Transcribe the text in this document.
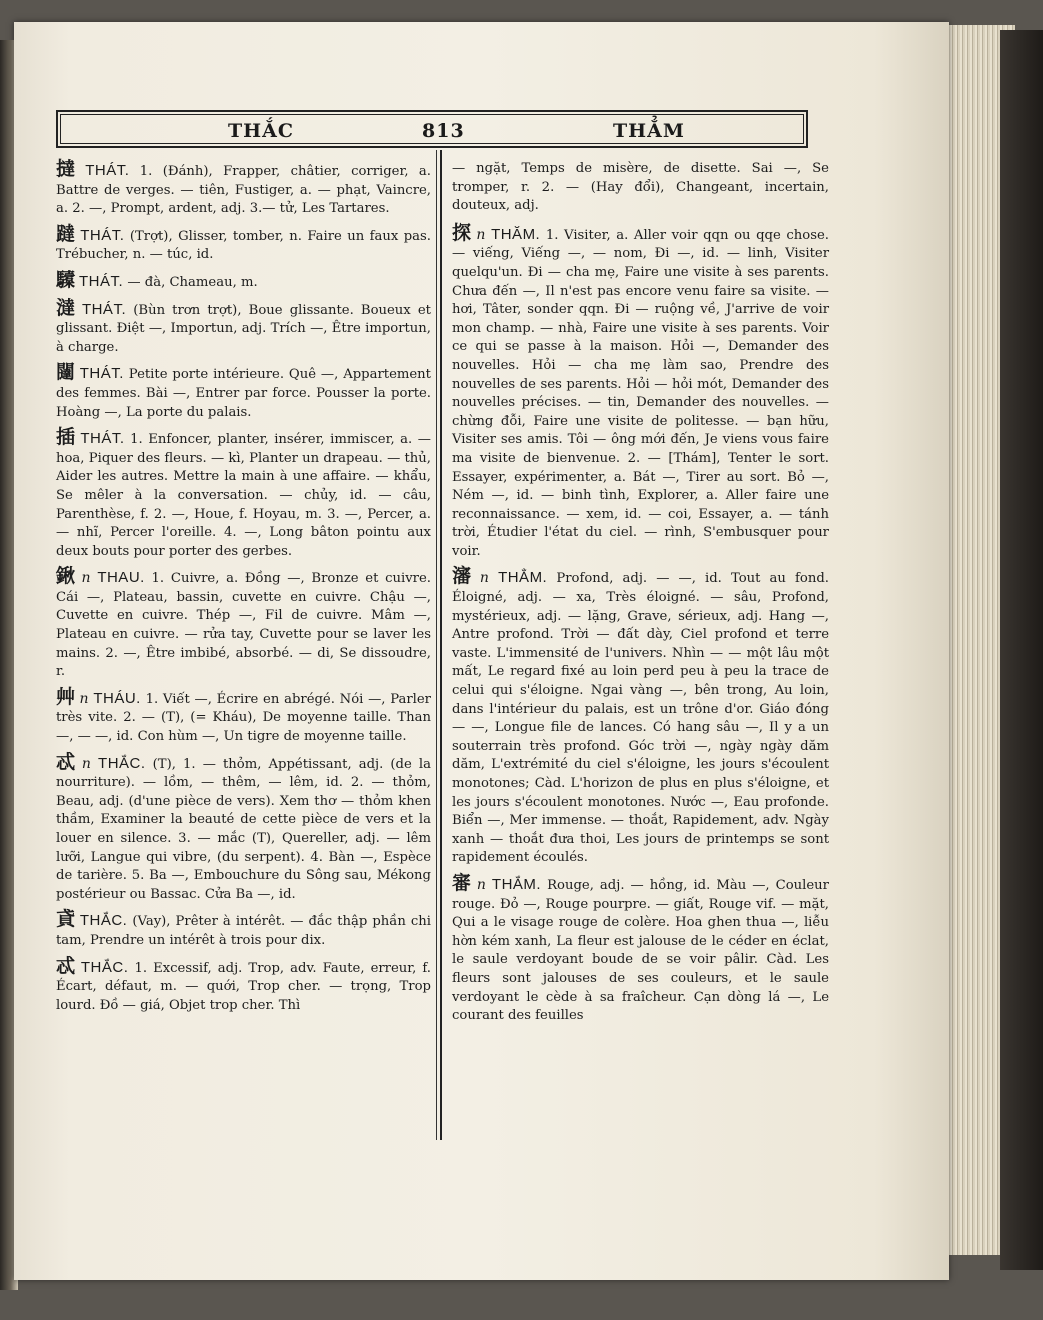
THẮC	813	THẲM
撻 THÁT. 1. (Đánh), Frapper, châtier, corriger, a. Battre de verges. — tiên, Fustiger, a. — phạt, Vaincre, a. 2. —, Prompt, ardent, adj. 3.— tử, Les Tartares.
躂 THÁT. (Trợt), Glisser, tomber, n. Faire un faux pas. Trébucher, n. — túc, id.
驝 THÁT. — đà, Chameau, m.
澾 THÁT. (Bùn trơn trợt), Boue glissante. Boueux et glissant. Điệt —, Importun, adj. Trích —, Être importun, à charge.
闥 THÁT. Petite porte intérieure. Quê —, Appartement des femmes. Bài —, Entrer par force. Pousser la porte. Hoàng —, La porte du palais.
插 THÁT. 1. Enfoncer, planter, insérer, immiscer, a. — hoa, Piquer des fleurs. — kì, Planter un drapeau. — thủ, Aider les autres. Mettre la main à une affaire. — khẩu, Se mêler à la conversation. — chủy, id. — câu, Parenthèse, f. 2. —, Houe, f. Hoyau, m. 3. —, Percer, a. — nhĩ, Percer l'oreille. 4. —, Long bâton pointu aux deux bouts pour porter des gerbes.
鍬 n THAU. 1. Cuivre, a. Đồng —, Bronze et cuivre. Cái —, Plateau, bassin, cuvette en cuivre. Chậu —, Cuvette en cuivre. Thép —, Fil de cuivre. Mâm —, Plateau en cuivre. — rửa tay, Cuvette pour se laver les mains. 2. —, Être imbibé, absorbé. — di, Se dissoudre, r.
艸 n THÁU. 1. Viết —, Écrire en abrégé. Nói —, Parler très vite. 2. — (T), (= Kháu), De moyenne taille. Than —, — —, id. Con hùm —, Un tigre de moyenne taille.
忒 n THẮC. (T), 1. — thỏm, Appétissant, adj. (de la nourriture). — lồm, — thêm, — lêm, id. 2. — thỏm, Beau, adj. (d'une pièce de vers). Xem thơ — thỏm khen thầm, Examiner la beauté de cette pièce de vers et la louer en silence. 3. — mắc (T), Quereller, adj. — lêm lưỡi, Langue qui vibre, (du serpent). 4. Bàn —, Espèce de tarière. 5. Ba —, Embouchure du Sông sau, Mékong postérieur ou Bassac. Cửa Ba —, id.
貣 THẮC. (Vay), Prêter à intérêt. — đắc thập phần chi tam, Prendre un intérêt à trois pour dix.
忒 THẮC. 1. Excessif, adj. Trop, adv. Faute, erreur, f. Écart, défaut, m. — quới, Trop cher. — trọng, Trop lourd. Đồ — giá, Objet trop cher. Thì
— ngặt, Temps de misère, de disette. Sai —, Se tromper, r. 2. — (Hay đổi), Changeant, incertain, douteux, adj.
探 n THĂM. 1. Visiter, a. Aller voir qqn ou qqe chose. — viếng, Viếng —, — nom, Đi —, id. — linh, Visiter quelqu'un. Đi — cha mẹ, Faire une visite à ses parents. Chưa đến —, Il n'est pas encore venu faire sa visite. — hơi, Tâter, sonder qqn. Đi — ruộng về, J'arrive de voir mon champ. — nhà, Faire une visite à ses parents. Voir ce qui se passe à la maison. Hỏi —, Demander des nouvelles. Hỏi — cha mẹ làm sao, Prendre des nouvelles de ses parents. Hỏi — hỏi mót, Demander des nouvelles précises. — tin, Demander des nouvelles. — chừng đỗi, Faire une visite de politesse. — bạn hữu, Visiter ses amis. Tôi — ông mới đến, Je viens vous faire ma visite de bienvenue. 2. — [Thám], Tenter le sort. Essayer, expérimenter, a. Bát —, Tirer au sort. Bỏ —, Ném —, id. — binh tình, Explorer, a. Aller faire une reconnaissance. — xem, id. — coi, Essayer, a. — tánh trời, Étudier l'état du ciel. — rình, S'embusquer pour voir.
瀋 n THẲM. Profond, adj. — —, id. Tout au fond. Éloigné, adj. — xa, Très éloigné. — sâu, Profond, mystérieux, adj. — lặng, Grave, sérieux, adj. Hang —, Antre profond. Trời — đất dày, Ciel profond et terre vaste. L'immensité de l'univers. Nhìn — — một lâu một mất, Le regard fixé au loin perd peu à peu la trace de celui qui s'éloigne. Ngai vàng —, bên trong, Au loin, dans l'intérieur du palais, est un trône d'or. Giáo đóng — —, Longue file de lances. Có hang sâu —, Il y a un souterrain très profond. Góc trời —, ngày ngày dăm dăm, L'extrémité du ciel s'éloigne, les jours s'écoulent monotones; Càd. L'horizon de plus en plus s'éloigne, et les jours s'écoulent monotones. Nước —, Eau profonde. Biển —, Mer immense. — thoắt, Rapidement, adv. Ngày xanh — thoắt đưa thoi, Les jours de printemps se sont rapidement écoulés.
審 n THẮM. Rouge, adj. — hồng, id. Màu —, Couleur rouge. Đỏ —, Rouge pourpre. — giất, Rouge vif. — mặt, Qui a le visage rouge de colère. Hoa ghen thua —, liễu hờn kém xanh, La fleur est jalouse de le céder en éclat, le saule verdoyant boude de se voir pâlir. Càd. Les fleurs sont jalouses de ses couleurs, et le saule verdoyant le cède à sa fraîcheur. Cạn dòng lá —, Le courant des feuilles
